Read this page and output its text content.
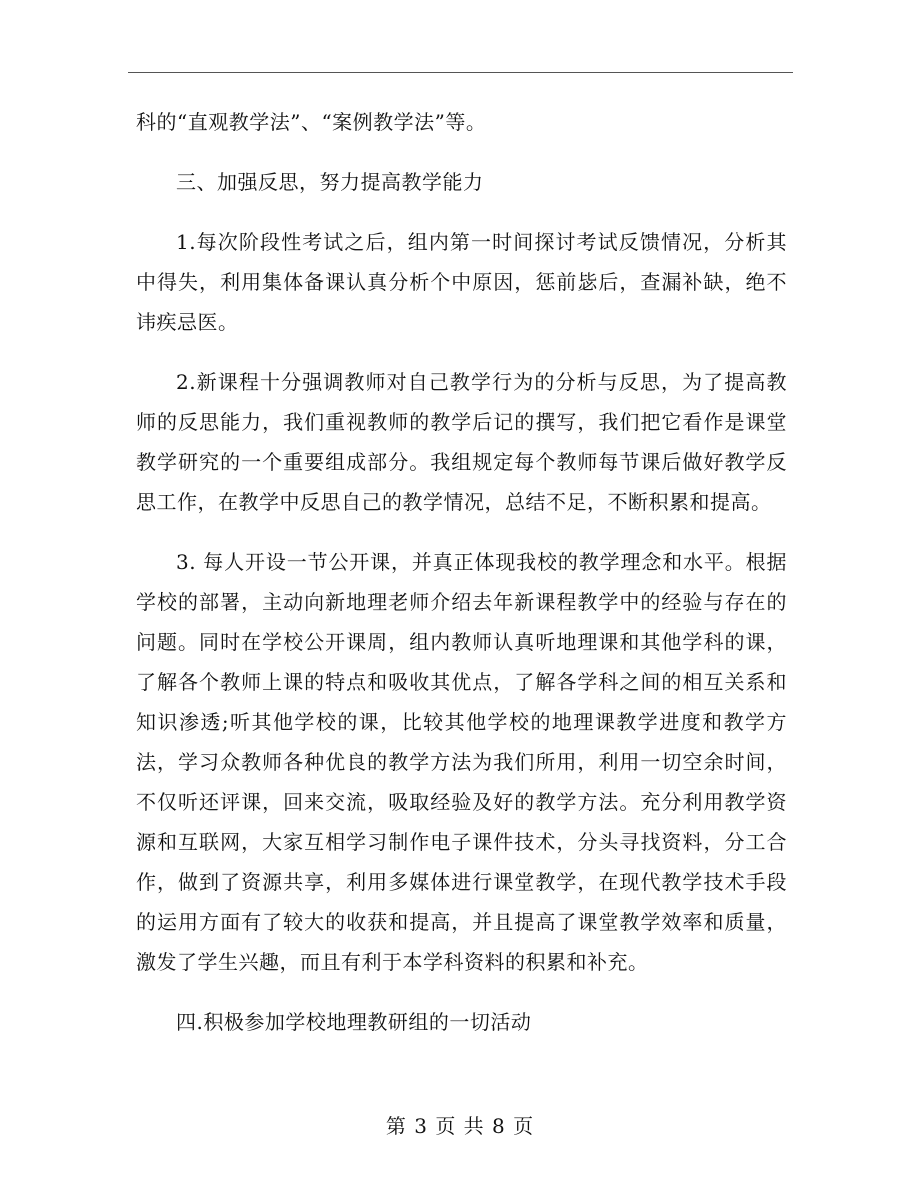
科的“直观教学法”、“案例教学法”等。

三、加强反思，努力提高教学能力

1.每次阶段性考试之后，组内第一时间探讨考试反馈情况，分析其中得失，利用集体备课认真分析个中原因，惩前毖后，查漏补缺，绝不讳疾忌医。

2.新课程十分强调教师对自己教学行为的分析与反思，为了提高教师的反思能力，我们重视教师的教学后记的撰写，我们把它看作是课堂教学研究的一个重要组成部分。我组规定每个教师每节课后做好教学反思工作，在教学中反思自己的教学情况，总结不足，不断积累和提高。

3. 每人开设一节公开课，并真正体现我校的教学理念和水平。根据学校的部署，主动向新地理老师介绍去年新课程教学中的经验与存在的问题。同时在学校公开课周，组内教师认真听地理课和其他学科的课，了解各个教师上课的特点和吸收其优点，了解各学科之间的相互关系和知识渗透;听其他学校的课，比较其他学校的地理课教学进度和教学方法，学习众教师各种优良的教学方法为我们所用，利用一切空余时间，不仅听还评课，回来交流，吸取经验及好的教学方法。充分利用教学资源和互联网，大家互相学习制作电子课件技术，分头寻找资料，分工合作，做到了资源共享，利用多媒体进行课堂教学，在现代教学技术手段的运用方面有了较大的收获和提高，并且提高了课堂教学效率和质量，激发了学生兴趣，而且有利于本学科资料的积累和补充。

四.积极参加学校地理教研组的一切活动

第 3 页 共 8 页
